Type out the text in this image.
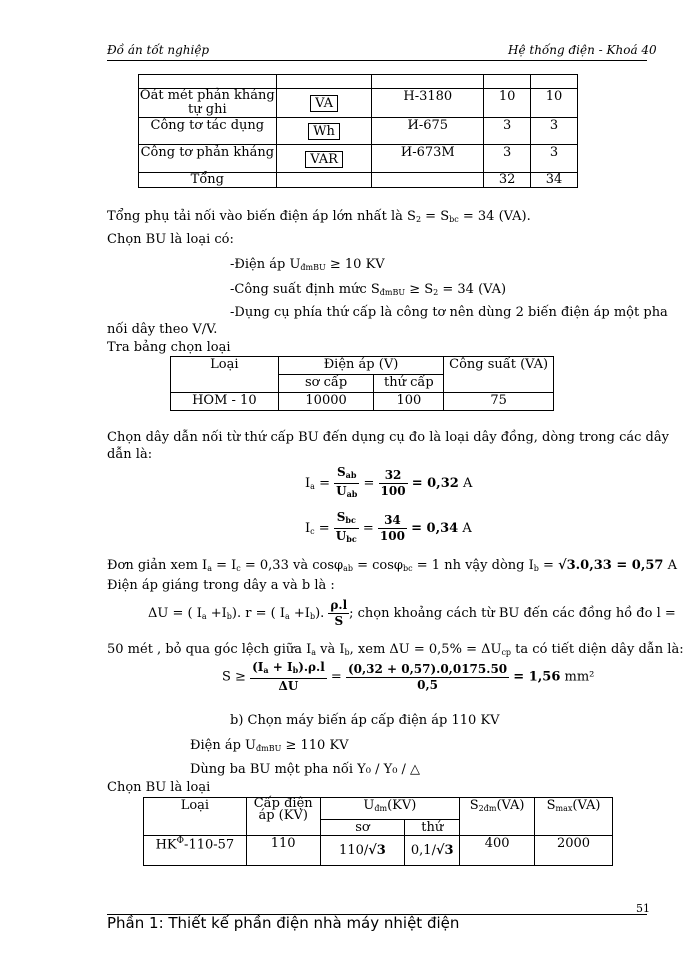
Đồ án tốt nghiệp	Hệ thống điện - Khoá 40

Oát mét phản kháng tự ghi	VA	H-3180	10	10
Công tơ tác dụng	Wh	И-675	3	3
Công tơ phản kháng	VAR	И-673M	3	3
Tổng			32	34
Tổng phụ tải nối vào biến điện áp lớn nhất là $S_2 = S_{bc} = 34$ (VA).
Chọn BU là loại có:
-Điện áp $U_{đmBU} \ge 10$ KV
-Công suất định mức $S_{đmBU} \ge S_2 = 34$ (VA)
-Dụng cụ phía thứ cấp là công tơ nên dùng 2 biến điện áp một pha
nối dây theo V/V.
Tra bảng chọn loại
Loại	Điện áp (V)		Công suất (VA)
	sơ cấp	thứ cấp	
HOM - 10	10000	100	75
Chọn dây dẫn nối từ thứ cấp BU đến dụng cụ đo là loại dây đồng, dòng trong các dây
dẫn là:
$I_a = \frac{S_{ab}}{U_{ab}} = \frac{32}{100} = 0,32$ A
$I_c = \frac{S_{bc}}{U_{bc}} = \frac{34}{100} = 0,34$ A
Đơn giản xem $I_a = I_c = 0,33$ và cosφ$_{ab}$ = cosφ$_{bc}$ = 1 nh vậy dòng $I_b = √3.0,33 = 0,57$ A
Điện áp giáng trong dây a và b là :
ΔU = ( $I_a +I_b$). r = ( $I_a +I_b$). $\frac{\rho.l}{S}$ ; chọn khoảng cách từ BU đến các đồng hồ đo l =
50 mét , bỏ qua góc lệch giữa $I_a$ và $I_b$, xem $\Delta U = 0,5\% = \Delta U_{cp}$ ta có tiết diện dây dẫn là:
$S \ge \frac{(I_a + I_b).\rho.l}{\Delta U} = \frac{(0,32 + 0,57).0,0175.50}{0,5} = 1,56$ mm²
b) Chọn máy biến áp cấp điện áp 110 KV
Điện áp $U_{đmBU} \ge 110$ KV
Dùng ba BU một pha nối Y₀ / Y₀ / △
Chọn BU là loại
Loại	Cấp điện áp (KV)	$U_{đm}(KV)$		$S_{2đm}(VA)$	$S_{max}(VA)$
		sơ	thứ		
$HK^\Phi-110-57$	110	110/√3	0,1/√3	400	2000
51
Phần 1: Thiết kế phần điện nhà máy nhiệt điện
